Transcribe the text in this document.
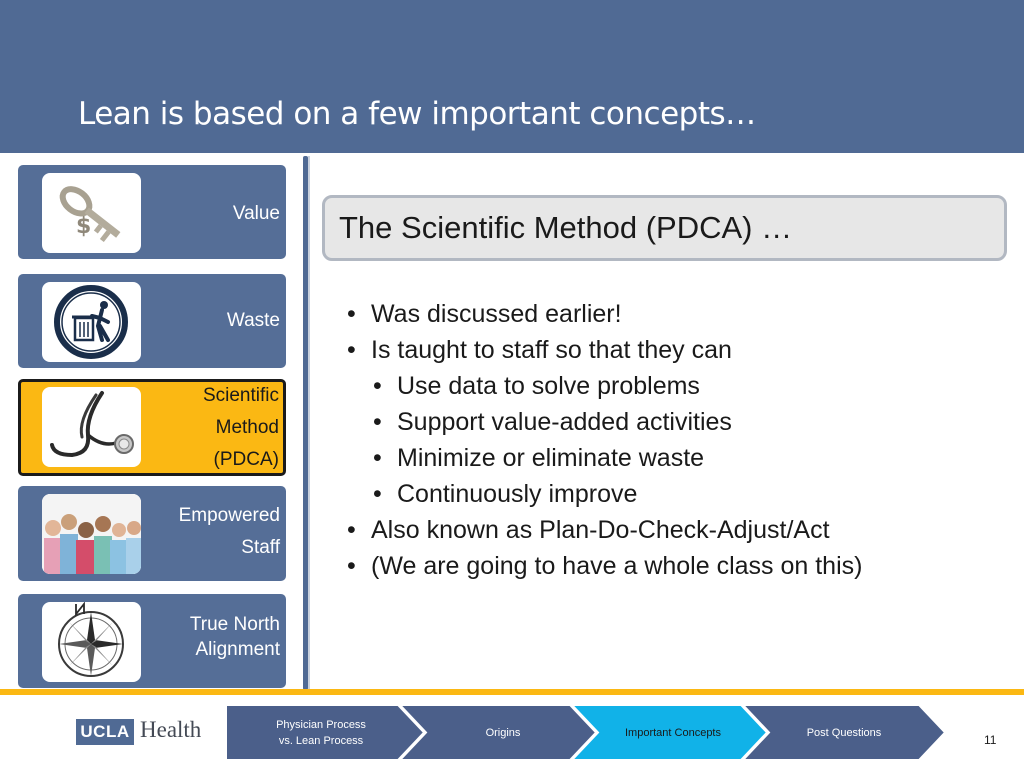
Lean is based on a few important concepts…
$
Value
Waste
Scientific
Method
(PDCA)
Empowered
Staff
True North
Alignment
The Scientific Method (PDCA) …
• Was discussed earlier!
• Is taught to staff so that they can
• Use data to solve problems
• Support value-added activities
• Minimize or eliminate waste
• Continuously improve
• Also known as Plan-Do-Check-Adjust/Act
• (We are going to have a whole class on this)
UCLA Health	Physician Process
vs. Lean Process
Origins	Important Concepts	Post Questions
11
